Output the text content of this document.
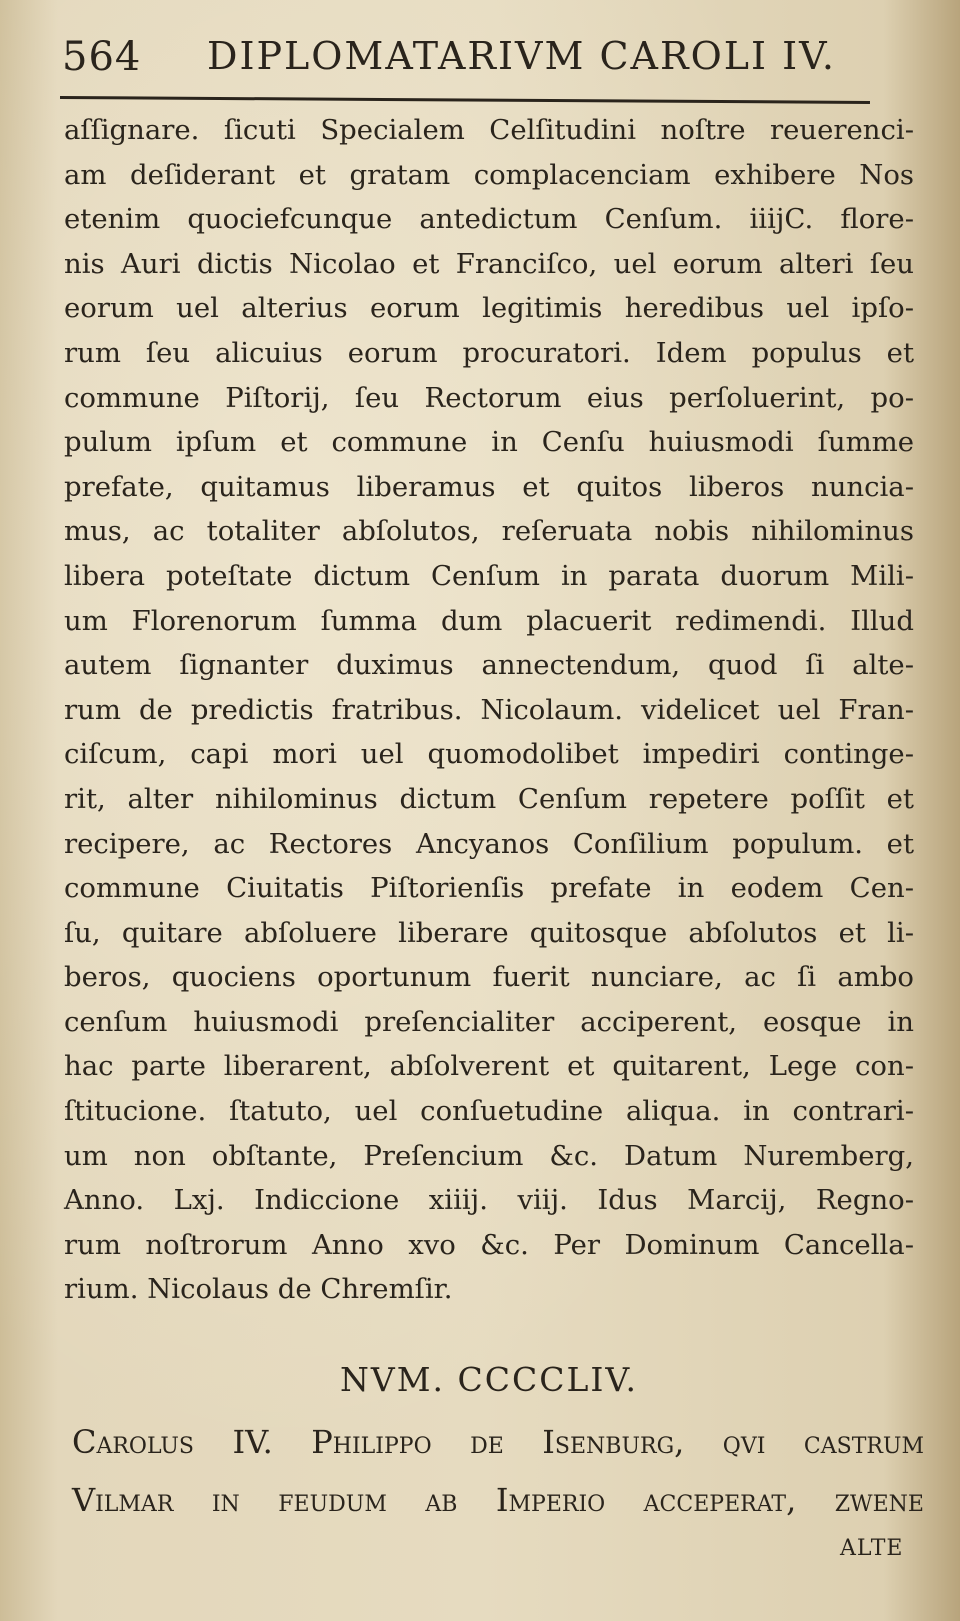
564 DIPLOMATARIVM CAROLI IV.
aſſignare. ſicuti Specialem Celſitudini noſtre reuerenci-
am deſiderant et gratam complacenciam exhibere Nos
etenim quociefcunque antedictum Cenſum. iiijC. flore-
nis Auri dictis Nicolao et Franciſco, uel eorum alteri ſeu
eorum uel alterius eorum legitimis heredibus uel ipſo-
rum ſeu alicuius eorum procuratori. Idem populus et
commune Piſtorij, ſeu Rectorum eius perſoluerint, po-
pulum ipſum et commune in Cenſu huiusmodi ſumme
prefate, quitamus liberamus et quitos liberos nuncia-
mus, ac totaliter abſolutos, reſeruata nobis nihilominus
libera poteſtate dictum Cenſum in parata duorum Mili-
um Florenorum ſumma dum placuerit redimendi. Illud
autem ſignanter duximus annectendum, quod ſi alte-
rum de predictis fratribus. Nicolaum. videlicet uel Fran-
ciſcum, capi mori uel quomodolibet impediri continge-
rit, alter nihilominus dictum Cenſum repetere poſſit et
recipere, ac Rectores Ancyanos Conſilium populum. et
commune Ciuitatis Piſtorienſis prefate in eodem Cen-
ſu, quitare abſoluere liberare quitosque abſolutos et li-
beros, quociens oportunum fuerit nunciare, ac ſi ambo
cenſum huiusmodi preſencialiter acciperent, eosque in
hac parte liberarent, abſolverent et quitarent, Lege con-
ſtitucione. ſtatuto, uel conſuetudine aliqua. in contrari-
um non obſtante, Preſencium &c. Datum Nuremberg,
Anno. Lxj. Indiccione xiiij. viij. Idus Marcij, Regno-
rum noſtrorum Anno xvo &c. Per Dominum Cancella-
rium. Nicolaus de Chremſir.
NVM. CCCCLIV.
Carolus IV. Philippo de Isenburg, qvi caſtrum
Vilmar in feudum ab Imperio acceperat, zwene
ALTE
